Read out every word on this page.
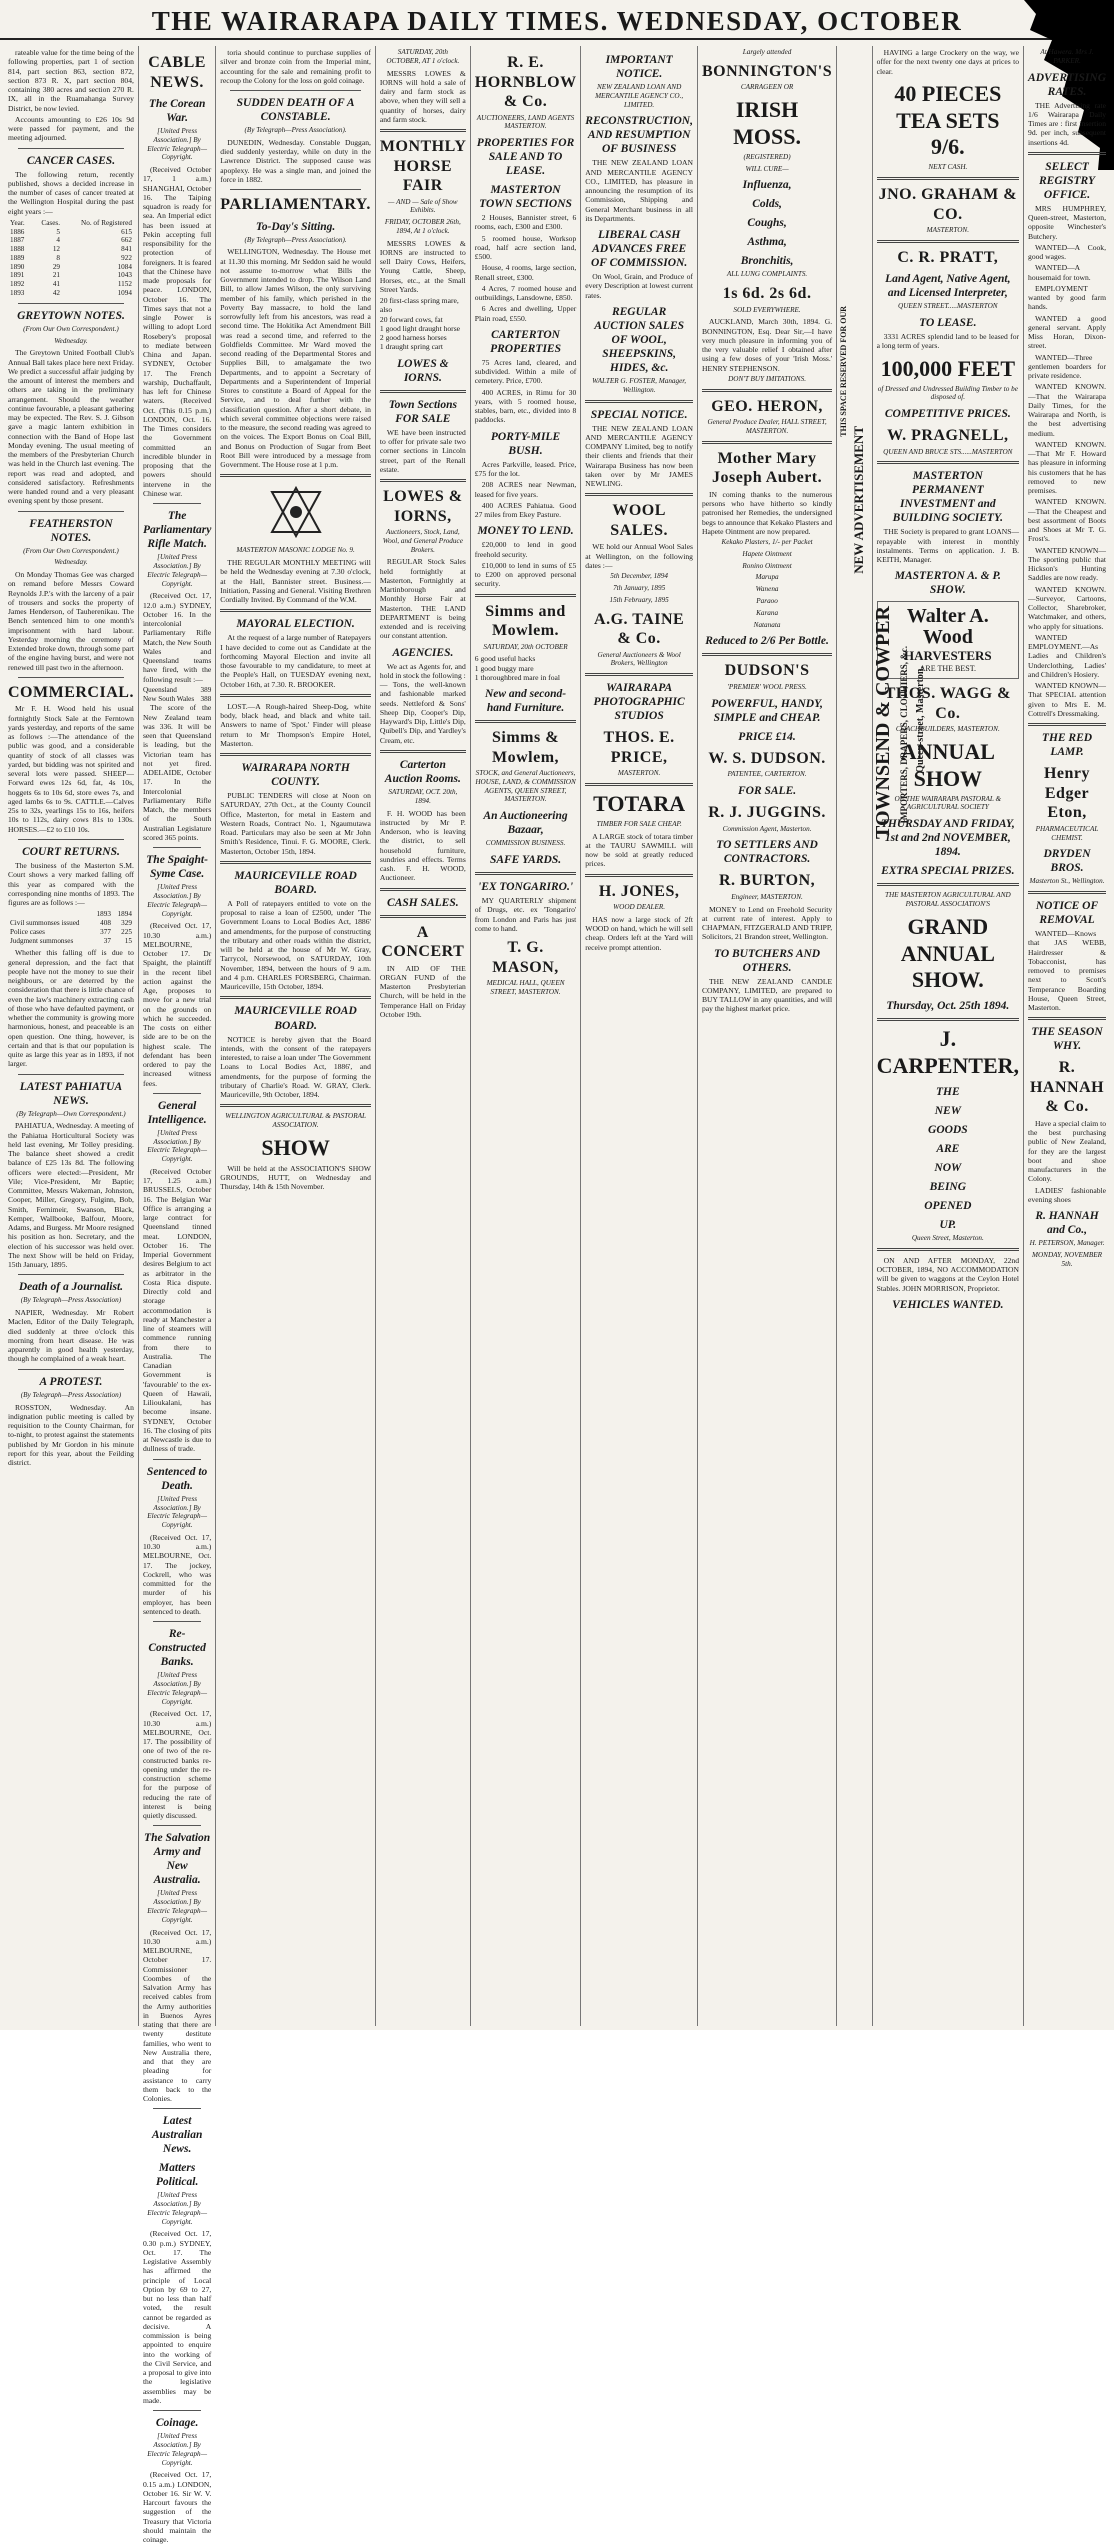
THE WAIRARAPA DAILY TIMES. WEDNESDAY, OCTOBER
rateable value for the time being of the following properties, part 1 of section 814, part section 863, section 872, section 873 R. X, part section 804, containing 380 acres and section 270 R. IX, all in the Ruamahanga Survey District, be now levied.
Accounts amounting to £26 10s 9d were passed for payment, and the meeting adjourned.
CANCER CASES.
The following return, recently published, shows a decided increase in the number of cases of cancer treated at the Wellington Hospital during the past eight years :—
Year.	Cases.	No. of Registered
1886	5	615
1887	4	662
1888	12	841
1889	8	922
1890	29	1084
1891	21	1043
1892	41	1152
1893	42	1094
GREYTOWN NOTES.
(From Our Own Correspondent.)
Wednesday.
The Greytown United Football Club's Annual Ball takes place here next Friday. We predict a successful affair judging by the amount of interest the members and others are taking in the preliminary arrangement. Should the weather continue favourable, a pleasant gathering may be expected. The Rev. S. J. Gibson gave a magic lantern exhibition in connection with the Band of Hope last Monday evening. The usual meeting of the members of the Presbyterian Church was held in the Church last evening. The report was read and adopted, and considered satisfactory. Refreshments were handed round and a very pleasant evening spent by those present.
FEATHERSTON NOTES.
(From Our Own Correspondent.)
Wednesday.
On Monday Thomas Gee was charged on remand before Messrs Coward Reynolds J.P.'s with the larceny of a pair of trousers and socks the property of James Henderson, of Tauherenikau. The Bench sentenced him to one month's imprisonment with hard labour. Yesterday morning the ceremony of Extended broke down, through some part of the engine having burst, and were not renewed till past two in the afternoon.
COMMERCIAL.
Mr F. H. Wood held his usual fortnightly Stock Sale at the Ferntown yards yesterday, and reports of the same as follows :—The attendance of the public was good, and a considerable quantity of stock of all classes was yarded, but bidding was not spirited and several lots were passed. SHEEP—Forward ewes 12s 6d, fat, 4s 10s, hoggets 6s to 10s 6d, store ewes 7s, and aged lambs 6s to 9s. CATTLE.—Calves 25s to 32s, yearlings 15s to 16s, heifers 10s to 112s, dairy cows 81s to 130s. HORSES.—£2 to £10 10s.
COURT RETURNS.
The business of the Masterton S.M. Court shows a very marked falling off this year as compared with the corresponding nine months of 1893. The figures are as follows :—
	1893	1894
Civil summonses issued	408	329
Police cases	377	225
Judgment summonses	37	15
Whether this falling off is due to general depression, and the fact that people have not the money to sue their neighbours, or are deterred by the consideration that there is little chance of even the law's machinery extracting cash of those who have defaulted payment, or whether the community is growing more harmonious, honest, and peaceable is an open question. One thing, however, is certain and that is that our population is quite as large this year as in 1893, if not larger.
LATEST PAHIATUA NEWS.
(By Telegraph—Own Correspondent.)
PAHIATUA, Wednesday. A meeting of the Pahiatua Horticultural Society was held last evening, Mr Tolley presiding. The balance sheet showed a credit balance of £25 13s 8d. The following officers were elected:—President, Mr Vile; Vice-President, Mr Baptie; Committee, Messrs Wakeman, Johnston, Cooper, Miller, Gregory, Fulginn, Bob, Smith, Fernimeir, Swanson, Black, Kemper, Wallbooke, Balfour, Moore, Adams, and Burgess. Mr Moore resigned his position as hon. Secretary, and the election of his successor was held over. The next Show will be held on Friday, 15th January, 1895.
Death of a Journalist.
(By Telegraph—Press Association)
NAPIER, Wednesday. Mr Robert Maclen, Editor of the Daily Telegraph, died suddenly at three o'clock this morning from heart disease. He was apparently in good health yesterday, though he complained of a weak heart.
A PROTEST.
(By Telegraph—Press Association)
ROSSTON, Wednesday. An indignation public meeting is called by requisition to the County Chairman, for to-night, to protest against the statements published by Mr Gordon in his minute report for this year, about the Feilding district.
CABLE NEWS.
The Corean War.
[United Press Association.] By Electric Telegraph—Copyright.
(Received October 17, 1 a.m.) SHANGHAI, October 16. The Taiping squadron is ready for sea. An Imperial edict has been issued at Pekin accepting full responsibility for the protection of foreigners. It is feared that the Chinese have made proposals for peace. LONDON, October 16. The Times says that not a single Power is willing to adopt Lord Rosebery's proposal to mediate between China and Japan. SYDNEY, October 17. The French warship, Duchaffault, has left for Chinese waters. (Received Oct. (This 0.15 p.m.) LONDON, Oct. 16. The Times considers the Government committed an incredible blunder in proposing that the powers should intervene in the Chinese war.
The Parliamentary Rifle Match.
[United Press Association.] By Electric Telegraph—Copyright.
(Received Oct. 17, 12.0 a.m.) SYDNEY, October 16. In the intercolonial Parliamentary Rifle Match, the New South Wales and Queensland teams have fired, with the following result :—
Queensland	389
New South Wales 388
The score of the New Zealand team was 336. It will be seen that Queensland is leading, but the Victorian team has not yet fired. ADELAIDE, October 17. In the Intercolonial Parliamentary Rifle Match, the members of the South Australian Legislature scored 365 points.
The Spaight-Syme Case.
[United Press Association.] By Electric Telegraph—Copyright.
(Received Oct. 17, 10.30 a.m.) MELBOURNE, October 17. Dr Spaight, the plaintiff in the recent libel action against the Age, proposes to move for a new trial on the grounds on which he succeeded. The costs on either side are to be on the highest scale. The defendant has been ordered to pay the increased witness fees.
General Intelligence.
[United Press Association.] By Electric Telegraph—Copyright.
(Received October 17, 1.25 a.m.) BRUSSELS, October 16. The Belgian War Office is arranging a large contract for Queensland tinned meat. LONDON, October 16. The Imperial Government desires Belgium to act as arbitrator in the Costa Rica dispute. Directly cold and storage accommodation is ready at Manchester a line of steamers will commence running from there to Australia. The Canadian Government is 'favourable' to the ex-Queen of Hawaii, Lilioukalani, has become insane. SYDNEY, October 16. The closing of pits at Newcastle is due to dullness of trade.
Sentenced to Death.
[United Press Association.] By Electric Telegraph—Copyright.
(Received Oct. 17, 10.30 a.m.) MELBOURNE, Oct. 17. The jockey, Cockrell, who was committed for the murder of his employer, has been sentenced to death.
Re-Constructed Banks.
[United Press Association.] By Electric Telegraph—Copyright.
(Received Oct. 17, 10.30 a.m.) MELBOURNE, Oct. 17. The possibility of one of two of the re-constructed banks re-opening under the re-construction scheme for the purpose of reducing the rate of interest is being quietly discussed.
The Salvation Army and New Australia.
[United Press Association.] By Electric Telegraph—Copyright.
(Received Oct. 17, 10.30 a.m.) MELBOURNE, October 17. Commissioner Coombes of the Salvation Army has received cables from the Army authorities in Buenos Ayres stating that there are twenty destitute families, who went to New Australia there, and that they are pleading for assistance to carry them back to the Colonies.
Latest Australian News.
Matters Political.
[United Press Association.] By Electric Telegraph—Copyright.
(Received Oct. 17, 0.30 p.m.) SYDNEY, Oct. 17. The Legislative Assembly has affirmed the principle of Local Option by 69 to 27, but no less than half voted, the result cannot be regarded as decisive. A commission is being appointed to enquire into the working of the Civil Service, and a proposal to give into the legislative assemblies may be made.
Coinage.
[United Press Association.] By Electric Telegraph—Copyright.
(Received Oct. 17, 0.15 a.m.) LONDON, October 16. Sir W. V. Harcourt favours the suggestion of the Treasury that Victoria should maintain the coinage.
toria should continue to purchase supplies of silver and bronze coin from the Imperial mint, accounting for the sale and remaining profit to recoup the Colony for the loss on gold coinage.
SUDDEN DEATH OF A CONSTABLE.
(By Telegraph—Press Association).
DUNEDIN, Wednesday. Constable Duggan, died suddenly yesterday, while on duty in the Lawrence District. The supposed cause was apoplexy. He was a single man, and joined the force in 1882.
PARLIAMENTARY.
To-Day's Sitting.
(By Telegraph—Press Association).
WELLINGTON, Wednesday. The House met at 11.30 this morning. Mr Seddon said he would not assume to-morrow what Bills the Government intended to drop. The Wilson Land Bill, to allow James Wilson, the only surviving member of his family, which perished in the Poverty Bay massacre, to hold the land sorrowfully left from his ancestors, was read a second time. The Hokitika Act Amendment Bill was read a second time, and referred to the Goldfields Committee. Mr Ward moved the second reading of the Departmental Stores and Supplies Bill, to amalgamate the two Departments, and to appoint a Secretary of Departments and a Superintendent of Imperial Stores to constitute a Board of Appeal for the Service, and to deal further with the classification question. After a short debate, in which several committee objections were raised to the measure, the second reading was agreed to on the voices. The Export Bonus on Coal Bill, and Bonus on Production of Sugar from Beet Root Bill were introduced by a message from Government. The House rose at 1 p.m.
MASTERTON MASONIC LODGE No. 9.
THE REGULAR MONTHLY MEETING will be held the Wednesday evening at 7.30 o'clock, at the Hall, Bannister street. Business.—Initiation, Passing and General. Visiting Brethren Cordially Invited. By Command of the W.M.
MAYORAL ELECTION.
At the request of a large number of Ratepayers I have decided to come out as Candidate at the forthcoming Mayoral Election and invite all those favourable to my candidature, to meet at the People's Hall, on TUESDAY evening next, October 16th, at 7.30. R. BROOKER.
LOST.—A Rough-haired Sheep-Dog, white body, black head, and black and white tail. Answers to name of 'Spot.' Finder will please return to Mr Thompson's Empire Hotel, Masterton.
WAIRARAPA NORTH COUNTY.
PUBLIC TENDERS will close at Noon on SATURDAY, 27th Oct., at the County Council Office, Masterton, for metal in Eastern and Western Roads, Contract No. 1, Ngaumutawa Road. Particulars may also be seen at Mr John Smith's Residence, Tinui. F. G. MOORE, Clerk. Masterton, October 15th, 1894.
MAURICEVILLE ROAD BOARD.
A Poll of ratepayers entitled to vote on the proposal to raise a loan of £2500, under 'The Government Loans to Local Bodies Act, 1886' and amendments, for the purpose of constructing the tributary and other roads within the district, will be held at the house of Mr W. Gray, Tarrycol, Norsewood, on SATURDAY, 10th November, 1894, between the hours of 9 a.m. and 4 p.m. CHARLES FORSBERG, Chairman. Mauriceville, 15th October, 1894.
MAURICEVILLE ROAD BOARD.
NOTICE is hereby given that the Board intends, with the consent of the ratepayers interested, to raise a loan under 'The Government Loans to Local Bodies Act, 1886', and amendments, for the purpose of forming the tributary of Charlie's Road. W. GRAY, Clerk. Mauriceville, 9th October, 1894.
WELLINGTON AGRICULTURAL & PASTORAL ASSOCIATION.
SHOW
Will be held at the ASSOCIATION'S SHOW GROUNDS, HUTT, on Wednesday and Thursday, 14th & 15th November.
SATURDAY, 20th OCTOBER, AT 1 o'clock.
MESSRS LOWES & IORNS will hold a sale of dairy and farm stock as above, when they will sell a quantity of horses, dairy and farm stock.
MONTHLY HORSE FAIR
— AND — Sale of Show Exhibits.
FRIDAY, OCTOBER 26th, 1894, At 1 o'clock.
MESSRS LOWES & IORNS are instructed to sell Dairy Cows, Heifers, Young Cattle, Sheep, Horses, etc., at the Small Street Yards.
20 first-class spring mare, also
20 forward cows, fat
1 good light draught horse
2 good harness horses
1 draught spring cart
LOWES & IORNS.
Town Sections FOR SALE
WE have been instructed to offer for private sale two corner sections in Lincoln street, part of the Renall estate.
LOWES & IORNS,
Auctioneers, Stock, Land, Wool, and General Produce Brokers.
REGULAR Stock Sales held fortnightly at Masterton, Fortnightly at Martinborough and Monthly Horse Fair at Masterton. THE LAND DEPARTMENT is being extended and is receiving our constant attention.
AGENCIES.
We act as Agents for, and hold in stock the following :— Tons, the well-known and fashionable marked seeds. Nettleford & Sons' Sheep Dip, Cooper's Dip, Hayward's Dip, Little's Dip, Quibell's Dip, and Yardley's Cream, etc.
Carterton Auction Rooms.
SATURDAY, OCT. 20th, 1894.
F. H. WOOD has been instructed by Mr P. Anderson, who is leaving the district, to sell household furniture, sundries and effects. Terms cash. F. H. WOOD, Auctioneer.
CASH SALES.
A CONCERT
IN AID OF THE ORGAN FUND of the Masterton Presbyterian Church, will be held in the Temperance Hall on Friday October 19th.
R. E. HORNBLOW & Co.
AUCTIONEERS, LAND AGENTS MASTERTON.
PROPERTIES FOR SALE AND TO LEASE.
MASTERTON TOWN SECTIONS
2 Houses, Bannister street, 6 rooms, each, £300 and £300.
5 roomed house, Worksop road, half acre section land, £500.
House, 4 rooms, large section, Renall street, £300.
4 Acres, 7 roomed house and outbuildings, Lansdowne, £850.
6 Acres and dwelling, Upper Plain road, £550.
CARTERTON PROPERTIES
75 Acres land, cleared, and subdivided. Within a mile of cemetery. Price, £700.
400 ACRES, in Rimu for 30 years, with 5 roomed house, stables, barn, etc., divided into 8 paddocks.
PORTY-MILE BUSH.
Acres Parkville, leased. Price, £75 for the lot.
208 ACRES near Newman, leased for five years.
400 ACRES Pahiatua. Good 27 miles from Ekey Pasture.
MONEY TO LEND.
£20,000 to lend in good freehold security.
£10,000 to lend in sums of £5 to £200 on approved personal security.
Simms and Mowlem.
SATURDAY, 20th OCTOBER
6 good useful hacks
1 good buggy mare
1 thoroughbred mare in foal
New and second-hand Furniture.
Simms & Mowlem,
STOCK, and General Auctioneers, HOUSE, LAND, & COMMISSION AGENTS, QUEEN STREET, MASTERTON.
An Auctioneering Bazaar,
COMMISSION BUSINESS.
SAFE YARDS.
'EX TONGARIRO.'
MY QUARTERLY shipment of Drugs, etc. ex 'Tongariro' from London and Paris has just come to hand.
T. G. MASON,
MEDICAL HALL, QUEEN STREET, MASTERTON.
IMPORTANT NOTICE.
NEW ZEALAND LOAN AND MERCANTILE AGENCY CO., LIMITED.
RECONSTRUCTION, AND RESUMPTION OF BUSINESS
THE NEW ZEALAND LOAN AND MERCANTILE AGENCY CO., LIMITED, has pleasure in announcing the resumption of its Commission, Shipping and General Merchant business in all its Departments.
LIBERAL CASH ADVANCES FREE OF COMMISSION.
On Wool, Grain, and Produce of every Description at lowest current rates.
REGULAR AUCTION SALES OF WOOL, SHEEPSKINS, HIDES, &c.
WALTER G. FOSTER, Manager, Wellington.
SPECIAL NOTICE.
THE NEW ZEALAND LOAN AND MERCANTILE AGENCY COMPANY Limited, beg to notify their clients and friends that their Wairarapa Business has now been taken over by Mr JAMES NEWLING.
WOOL SALES.
WE hold our Annual Wool Sales at Wellington, on the following dates :—
5th December, 1894
7th January, 1895
15th February, 1895
A.G. TAINE & Co.
General Auctioneers & Wool Brokers, Wellington
WAIRARAPA PHOTOGRAPHIC STUDIOS
THOS. E. PRICE,
MASTERTON.
TOTARA
TIMBER FOR SALE CHEAP.
A LARGE stock of totara timber at the TAURU SAWMILL will now be sold at greatly reduced prices.
H. JONES,
WOOD DEALER.
HAS now a large stock of 2ft WOOD on hand, which he will sell cheap. Orders left at the Yard will receive prompt attention.
Largely attended
BONNINGTON'S
CARRAGEEN OR
IRISH MOSS.
(REGISTERED)
WILL CURE—
Influenza,
Colds,
Coughs,
Asthma,
Bronchitis,
ALL LUNG COMPLAINTS.
1s 6d. 2s 6d.
SOLD EVERYWHERE.
AUCKLAND, March 30th, 1894. G. BONNINGTON, Esq. Dear Sir,—I have very much pleasure in informing you of the very valuable relief I obtained after using a few doses of your 'Irish Moss.' HENRY STEPHENSON.
DON'T BUY IMITATIONS.
GEO. HERON,
General Produce Dealer, HALL STREET, MASTERTON.
Mother Mary Joseph Aubert.
IN coming thanks to the numerous persons who have hitherto so kindly patronised her Remedies, the undersigned begs to announce that Kekako Plasters and Hapete Ointment are now prepared.
Kekako Plasters, 1/- per Packet
Hapete Ointment
Ronino Ointment
Marupa
Wanena
Paraoo
Karana
Natanata
Reduced to 2/6 Per Bottle.
DUDSON'S
'PREMIER' WOOL PRESS.
POWERFUL, HANDY, SIMPLE and CHEAP.
PRICE £14.
W. S. DUDSON.
PATENTEE, CARTERTON.
FOR SALE.
R. J. JUGGINS.
Commission Agent, Masterton.
TO SETTLERS AND CONTRACTORS.
R. BURTON,
Engineer, MASTERTON.
MONEY to Lend on Freehold Security at current rate of interest. Apply to CHAPMAN, FITZGERALD AND TRIPP, Solicitors, 21 Brandon street, Wellington.
TO BUTCHERS AND OTHERS.
THE NEW ZEALAND CANDLE COMPANY, LIMITED, are prepared to BUY TALLOW in any quantities, and will pay the highest market price.
THIS SPACE RESERVED FOR OUR
NEW ADVERTISEMENT
TOWNSEND & COWPER IMPORTERS, DRAPERS, CLOTHIERS, &c. Queen-street, Masterton.
HAVING a large Crockery on the way, we offer for the next twenty one days at prices to clear.
40 PIECES TEA SETS 9/6.
NEXT CASH.
JNO. GRAHAM & CO.
MASTERTON.
C. R. PRATT,
Land Agent, Native Agent, and Licensed Interpreter,
QUEEN STREET.....MASTERTON
TO LEASE.
3331 ACRES splendid land to be leased for a long term of years.
100,000 FEET
of Dressed and Undressed Building Timber to be disposed of.
COMPETITIVE PRICES.
W. PRAGNELL,
QUEEN AND BRUCE STS......MASTERTON
MASTERTON PERMANENT INVESTMENT and BUILDING SOCIETY.
THE Society is prepared to grant LOANS—repayable with interest in monthly instalments. Terms on application. J. B. KEITH, Manager.
MASTERTON A. & P. SHOW.
Walter A. Wood
HARVESTERS
ARE THE BEST.
THOS. WAGG & Co.
COACHBUILDERS, MASTERTON.
ANNUAL SHOW
OF THE WAIRARAPA PASTORAL & AGRICULTURAL SOCIETY
THURSDAY AND FRIDAY, 1st and 2nd NOVEMBER, 1894.
EXTRA SPECIAL PRIZES.
THE MASTERTON AGRICULTURAL AND PASTORAL ASSOCIATION'S
GRAND ANNUAL SHOW.
Thursday, Oct. 25th 1894.
J. CARPENTER,
THE
NEW
GOODS
ARE
NOW
BEING
OPENED
UP.
Queen Street, Masterton.
ON AND AFTER MONDAY, 22nd OCTOBER, 1894, NO ACCOMMODATION will be given to waggons at the Ceylon Hotel Stables. JOHN MORRISON, Proprietor.
VEHICLES WANTED.
At Hawera. Mrs J. PARKER.
ADVERTISING RATES.
THE Advertising rate 1/6 Wairarapa Daily Times are : first insertion 9d. per inch, subsequent insertions 4d.
SELECT REGISTRY OFFICE.
MRS HUMPHREY, Queen-street, Masterton, opposite Winchester's Butchery.
WANTED—A Cook, good wages.
WANTED—A housemaid for town.
EMPLOYMENT wanted by good farm hands.
WANTED a good general servant. Apply Miss Horan, Dixon-street.
WANTED—Three gentlemen boarders for private residence.
WANTED KNOWN.—That the Wairarapa Daily Times, for the Wairarapa and North, is the best advertising medium.
WANTED KNOWN.—That Mr F. Howard has pleasure in informing his customers that he has removed to new premises.
WANTED KNOWN.—That the Cheapest and best assortment of Boots and Shoes at Mr T. G. Frost's.
WANTED KNOWN—The sporting public that Hickson's Hunting Saddles are now ready.
WANTED KNOWN.—Surveyor, Cartoons, Collector, Sharebroker, Watchmaker, and others, who apply for situations.
WANTED EMPLOYMENT.—As Ladies and Children's Underclothing, Ladies' and Children's Hosiery.
WANTED KNOWN—That SPECIAL attention given to Mrs E. M. Cottrell's Dressmaking.
THE RED LAMP.
Henry Edger Eton,
PHARMACEUTICAL CHEMIST.
DRYDEN BROS.
Masterton St., Wellington.
NOTICE OF REMOVAL
WANTED—Knows that JAS WEBB, Hairdresser & Tobacconist, has removed to premises next to Scott's Temperance Boarding House, Queen Street, Masterton.
THE SEASON WHY.
R. HANNAH & Co.
Have a special claim to the best purchasing public of New Zealand, for they are the largest boot and shoe manufacturers in the Colony.
LADIES' fashionable evening shoes
R. HANNAH and Co.,
H. PETERSON, Manager.
MONDAY, NOVEMBER 5th.
